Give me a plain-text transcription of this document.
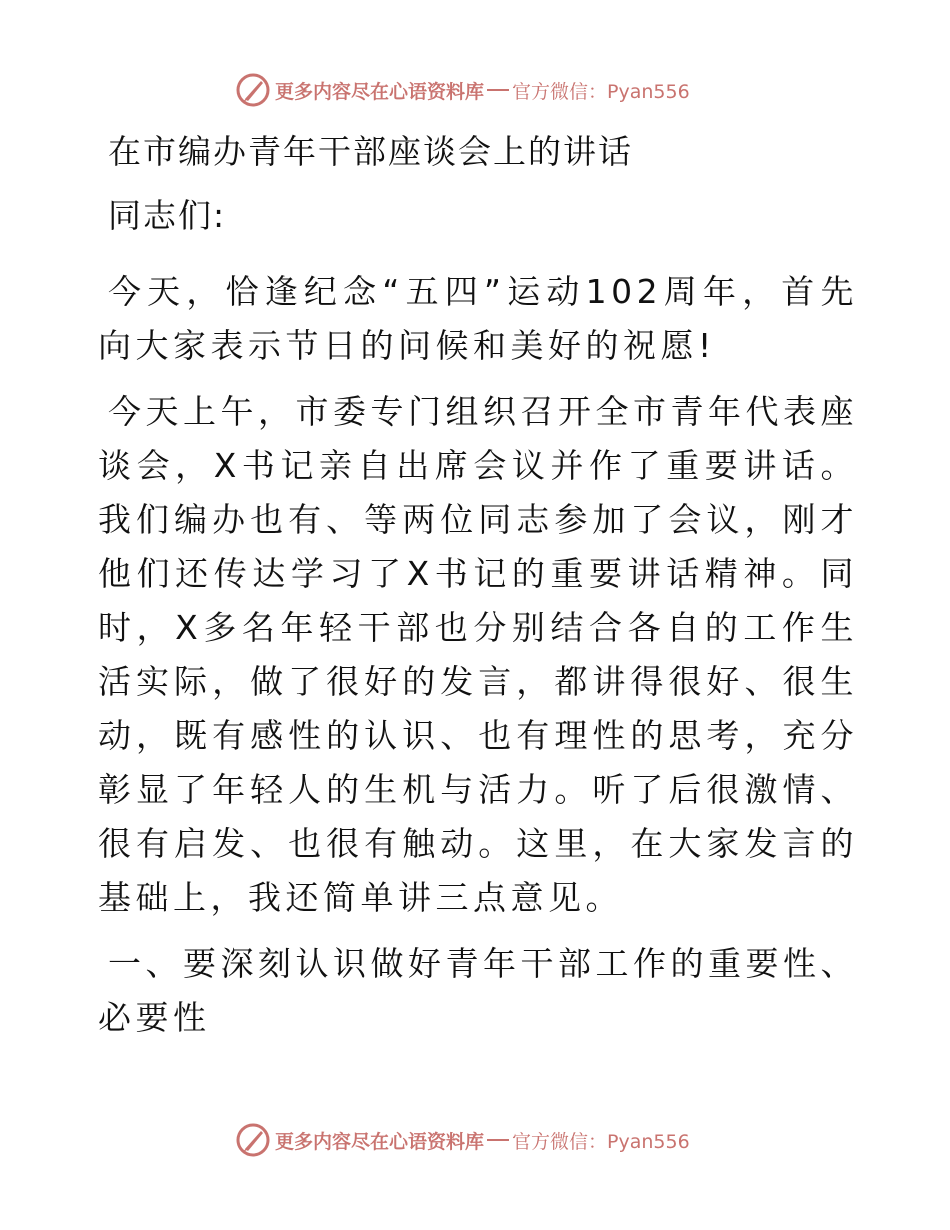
更多内容尽在心语资料库 官方微信：Pyan556

在市编办青年干部座谈会上的讲话

同志们:

今天，恰逢纪念“五四”运动102周年，首先向大家表示节日的问候和美好的祝愿!

今天上午，市委专门组织召开全市青年代表座谈会，X书记亲自出席会议并作了重要讲话。我们编办也有、等两位同志参加了会议，刚才他们还传达学习了X书记的重要讲话精神。同时，X多名年轻干部也分别结合各自的工作生活实际，做了很好的发言，都讲得很好、很生动，既有感性的认识、也有理性的思考，充分彰显了年轻人的生机与活力。听了后很激情、很有启发、也很有触动。这里，在大家发言的基础上，我还简单讲三点意见。

一、要深刻认识做好青年干部工作的重要性、必要性

更多内容尽在心语资料库 官方微信：Pyan556
